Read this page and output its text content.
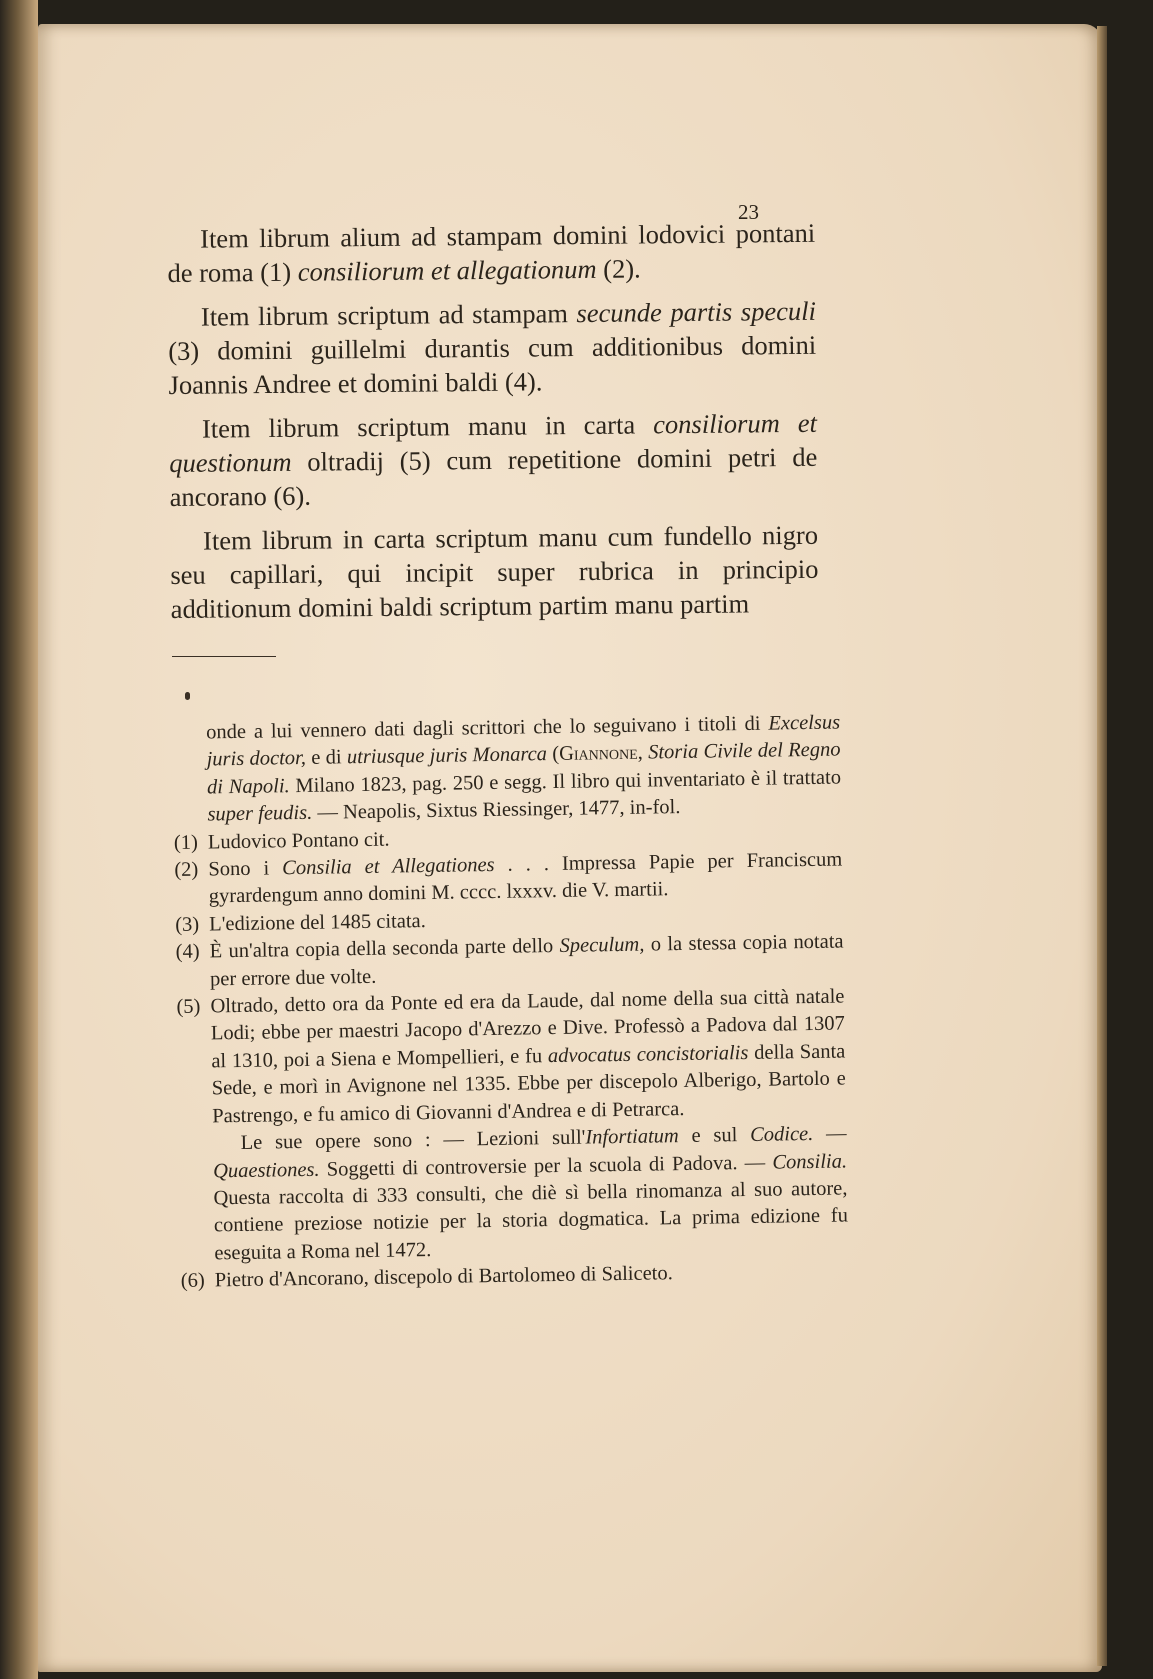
23

Item librum alium ad stampam domini lodovici pontani de roma (1) consiliorum et allegationum (2).

Item librum scriptum ad stampam secunde partis speculi (3) domini guillelmi durantis cum additionibus domini Joannis Andree et domini baldi (4).

Item librum scriptum manu in carta consiliorum et questionum oltradij (5) cum repetitione domini petri de ancorano (6).

Item librum in carta scriptum manu cum fundello nigro seu capillari, qui incipit super rubrica in principio additionum domini baldi scriptum partim manu partim

onde a lui vennero dati dagli scrittori che lo seguivano i titoli di Excelsus juris doctor, e di utriusque juris Monarca (Giannone, Storia Civile del Regno di Napoli. Milano 1823, pag. 250 e segg. Il libro qui inventariato è il trattato super feudis. — Neapolis, Sixtus Riessinger, 1477, in-fol.

(1) Ludovico Pontano cit.

(2) Sono i Consilia et Allegationes . . . Impressa Papie per Franciscum gyrardengum anno domini M. cccc. lxxxv. die V. martii.

(3) L'edizione del 1485 citata.

(4) È un'altra copia della seconda parte dello Speculum, o la stessa copia notata per errore due volte.

(5) Oltrado, detto ora da Ponte ed era da Laude, dal nome della sua città natale Lodi; ebbe per maestri Jacopo d'Arezzo e Dive. Professò a Padova dal 1307 al 1310, poi a Siena e Mompellieri, e fu advocatus concistorialis della Santa Sede, e morì in Avignone nel 1335. Ebbe per discepolo Alberigo, Bartolo e Pastrengo, e fu amico di Giovanni d'Andrea e di Petrarca.

Le sue opere sono : — Lezioni sull'Infortiatum e sul Codice. — Quaestiones. Soggetti di controversie per la scuola di Padova. — Consilia. Questa raccolta di 333 consulti, che diè sì bella rinomanza al suo autore, contiene preziose notizie per la storia dogmatica. La prima edizione fu eseguita a Roma nel 1472.

(6) Pietro d'Ancorano, discepolo di Bartolomeo di Saliceto.
